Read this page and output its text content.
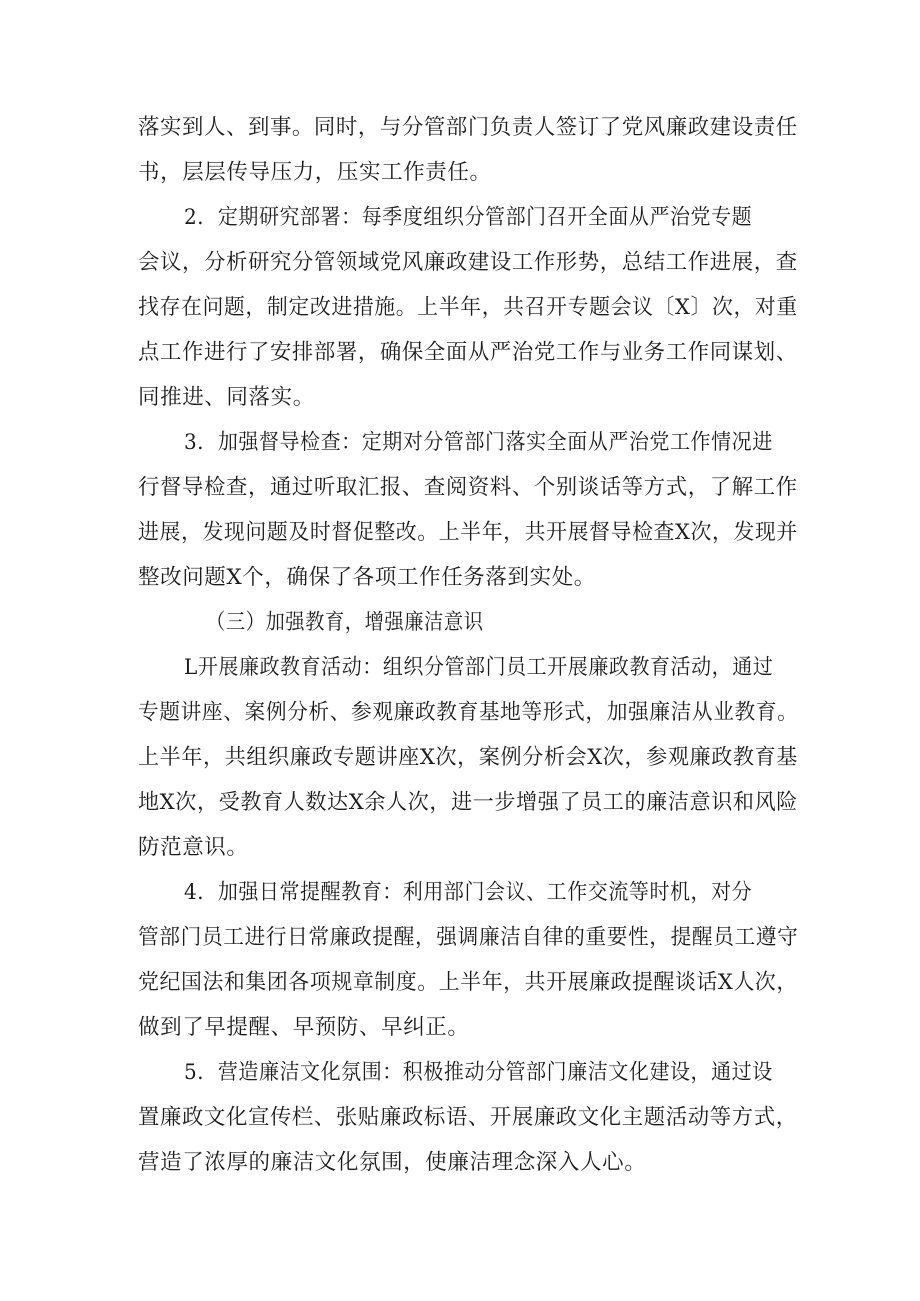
落实到人、到事。同时，与分管部门负责人签订了党风廉政建设责任
书，层层传导压力，压实工作责任。
2．定期研究部署：每季度组织分管部门召开全面从严治党专题
会议，分析研究分管领域党风廉政建设工作形势，总结工作进展，查
找存在问题，制定改进措施。上半年，共召开专题会议〔X〕次，对重
点工作进行了安排部署，确保全面从严治党工作与业务工作同谋划、
同推进、同落实。
3．加强督导检查：定期对分管部门落实全面从严治党工作情况进
行督导检查，通过听取汇报、查阅资料、个别谈话等方式，了解工作
进展，发现问题及时督促整改。上半年，共开展督导检查X次，发现并
整改问题X个，确保了各项工作任务落到实处。
（三）加强教育，增强廉洁意识
L开展廉政教育活动：组织分管部门员工开展廉政教育活动，通过
专题讲座、案例分析、参观廉政教育基地等形式，加强廉洁从业教育。
上半年，共组织廉政专题讲座X次，案例分析会X次，参观廉政教育基
地X次，受教育人数达X余人次，进一步增强了员工的廉洁意识和风险
防范意识。
4．加强日常提醒教育：利用部门会议、工作交流等时机，对分
管部门员工进行日常廉政提醒，强调廉洁自律的重要性，提醒员工遵守
党纪国法和集团各项规章制度。上半年，共开展廉政提醒谈话X人次，
做到了早提醒、早预防、早纠正。
5．营造廉洁文化氛围：积极推动分管部门廉洁文化建设，通过设
置廉政文化宣传栏、张贴廉政标语、开展廉政文化主题活动等方式，
营造了浓厚的廉洁文化氛围，使廉洁理念深入人心。
